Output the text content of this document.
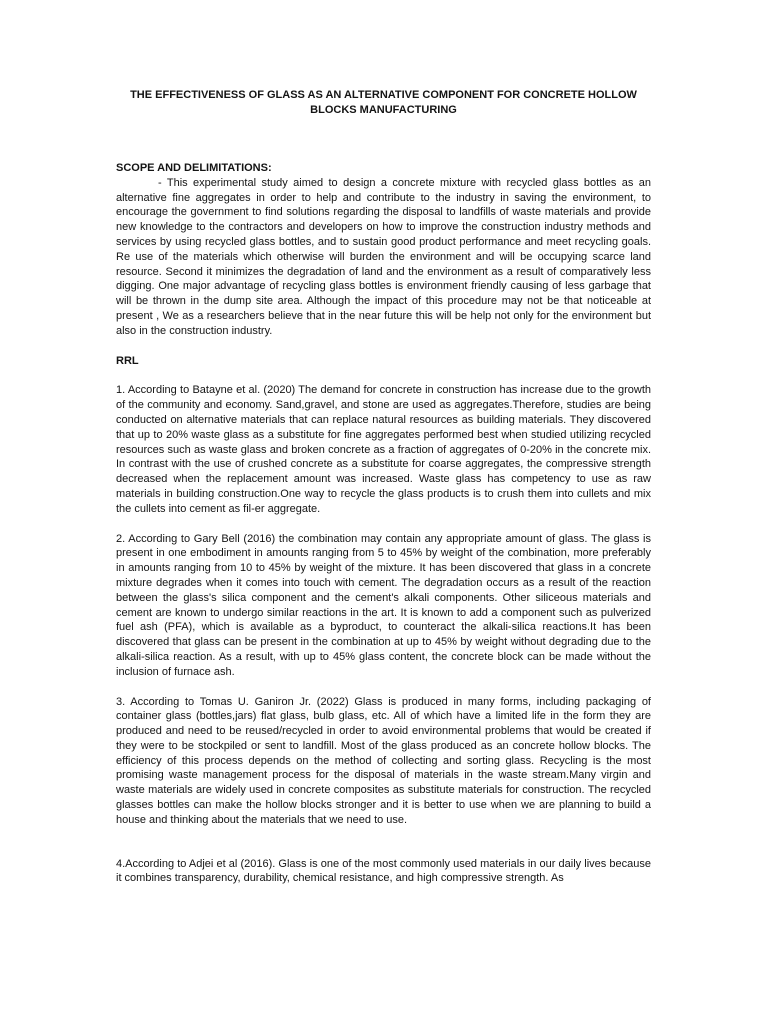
THE EFFECTIVENESS OF GLASS AS AN ALTERNATIVE COMPONENT FOR CONCRETE HOLLOW BLOCKS MANUFACTURING
SCOPE AND DELIMITATIONS:

- This experimental study aimed to design a concrete mixture with recycled glass bottles as an alternative fine aggregates in order to help and contribute to the industry in saving the environment, to encourage the government to find solutions regarding the disposal to landfills of waste materials and provide new knowledge to the contractors and developers on how to improve the construction industry methods and services by using recycled glass bottles, and to sustain good product performance and meet recycling goals. Re use of the materials which otherwise will burden the environment and will be occupying scarce land resource. Second it minimizes the degradation of land and the environment as a result of comparatively less digging. One major advantage of recycling glass bottles is environment friendly causing of less garbage that will be thrown in the dump site area. Although the impact of this procedure may not be that noticeable at present , We as a researchers believe that in the near future this will be help not only for the environment but also in the construction industry.

RRL

1. According to Batayne et al. (2020) The demand for concrete in construction has increase due to the growth of the community and economy. Sand,gravel, and stone are used as aggregates.Therefore, studies are being conducted on alternative materials that can replace natural resources as building materials. They discovered that up to 20% waste glass as a substitute for fine aggregates performed best when studied utilizing recycled resources such as waste glass and broken concrete as a fraction of aggregates of 0-20% in the concrete mix. In contrast with the use of crushed concrete as a substitute for coarse aggregates, the compressive strength decreased when the replacement amount was increased. Waste glass has competency to use as raw materials in building construction.One way to recycle the glass products is to crush them into cullets and mix the cullets into cement as fil-er aggregate.

2. According to Gary Bell (2016) the combination may contain any appropriate amount of glass. The glass is present in one embodiment in amounts ranging from 5 to 45% by weight of the combination, more preferably in amounts ranging from 10 to 45% by weight of the mixture. It has been discovered that glass in a concrete mixture degrades when it comes into touch with cement. The degradation occurs as a result of the reaction between the glass's silica component and the cement's alkali components. Other siliceous materials and cement are known to undergo similar reactions in the art. It is known to add a component such as pulverized fuel ash (PFA), which is available as a byproduct, to counteract the alkali-silica reactions.It has been discovered that glass can be present in the combination at up to 45% by weight without degrading due to the alkali-silica reaction. As a result, with up to 45% glass content, the concrete block can be made without the inclusion of furnace ash.

3. According to Tomas U. Ganiron Jr. (2022) Glass is produced in many forms, including packaging of container glass (bottles,jars) flat glass, bulb glass, etc. All of which have a limited life in the form they are produced and need to be reused/recycled in order to avoid environmental problems that would be created if they were to be stockpiled or sent to landfill. Most of the glass produced as an concrete hollow blocks. The efficiency of this process depends on the method of collecting and sorting glass. Recycling is the most promising waste management process for the disposal of materials in the waste stream.Many virgin and waste materials are widely used in concrete composites as substitute materials for construction. The recycled glasses bottles can make the hollow blocks stronger and it is better to use when we are planning to build a house and thinking about the materials that we need to use.

4.According to Adjei et al (2016). Glass is one of the most commonly used materials in our daily lives because it combines transparency, durability, chemical resistance, and high compressive strength. As
